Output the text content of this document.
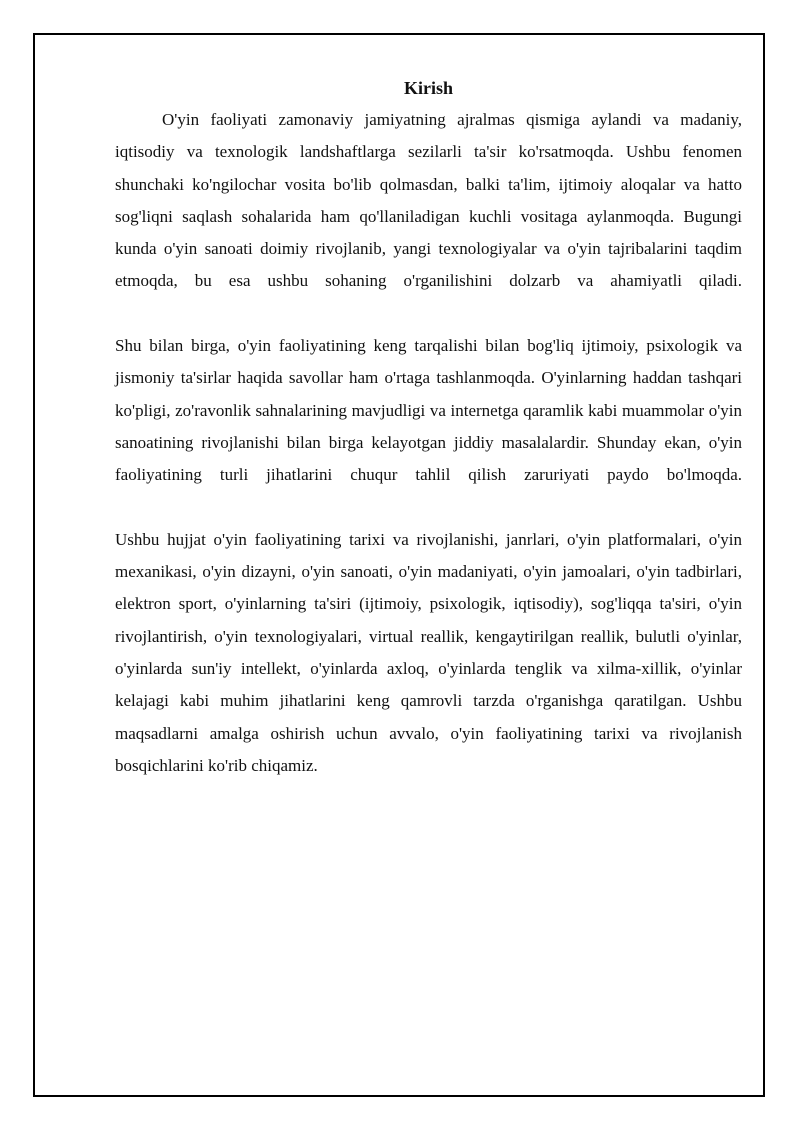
Kirish

O'yin faoliyati zamonaviy jamiyatning ajralmas qismiga aylandi va madaniy, iqtisodiy va texnologik landshaftlarga sezilarli ta'sir ko'rsatmoqda. Ushbu fenomen shunchaki ko'ngilochar vosita bo'lib qolmasdan, balki ta'lim, ijtimoiy aloqalar va hatto sog'liqni saqlash sohalarida ham qo'llaniladigan kuchli vositaga aylanmoqda. Bugungi kunda o'yin sanoati doimiy rivojlanib, yangi texnologiyalar va o'yin tajribalarini taqdim etmoqda, bu esa ushbu sohaning o'rganilishini dolzarb va ahamiyatli qiladi.

Shu bilan birga, o'yin faoliyatining keng tarqalishi bilan bog'liq ijtimoiy, psixologik va jismoniy ta'sirlar haqida savollar ham o'rtaga tashlanmoqda. O'yinlarning haddan tashqari ko'pligi, zo'ravonlik sahnalarining mavjudligi va internetga qaramlik kabi muammolar o'yin sanoatining rivojlanishi bilan birga kelayotgan jiddiy masalalardir. Shunday ekan, o'yin faoliyatining turli jihatlarini chuqur tahlil qilish zaruriyati paydo bo'lmoqda.

Ushbu hujjat o'yin faoliyatining tarixi va rivojlanishi, janrlari, o'yin platformalari, o'yin mexanikasi, o'yin dizayni, o'yin sanoati, o'yin madaniyati, o'yin jamoalari, o'yin tadbirlari, elektron sport, o'yinlarning ta'siri (ijtimoiy, psixologik, iqtisodiy), sog'liqqa ta'siri, o'yin rivojlantirish, o'yin texnologiyalari, virtual reallik, kengaytirilgan reallik, bulutli o'yinlar, o'yinlarda sun'iy intellekt, o'yinlarda axloq, o'yinlarda tenglik va xilma-xillik, o'yinlar kelajagi kabi muhim jihatlarini keng qamrovli tarzda o'rganishga qaratilgan. Ushbu maqsadlarni amalga oshirish uchun avvalo, o'yin faoliyatining tarixi va rivojlanish bosqichlarini ko'rib chiqamiz.
